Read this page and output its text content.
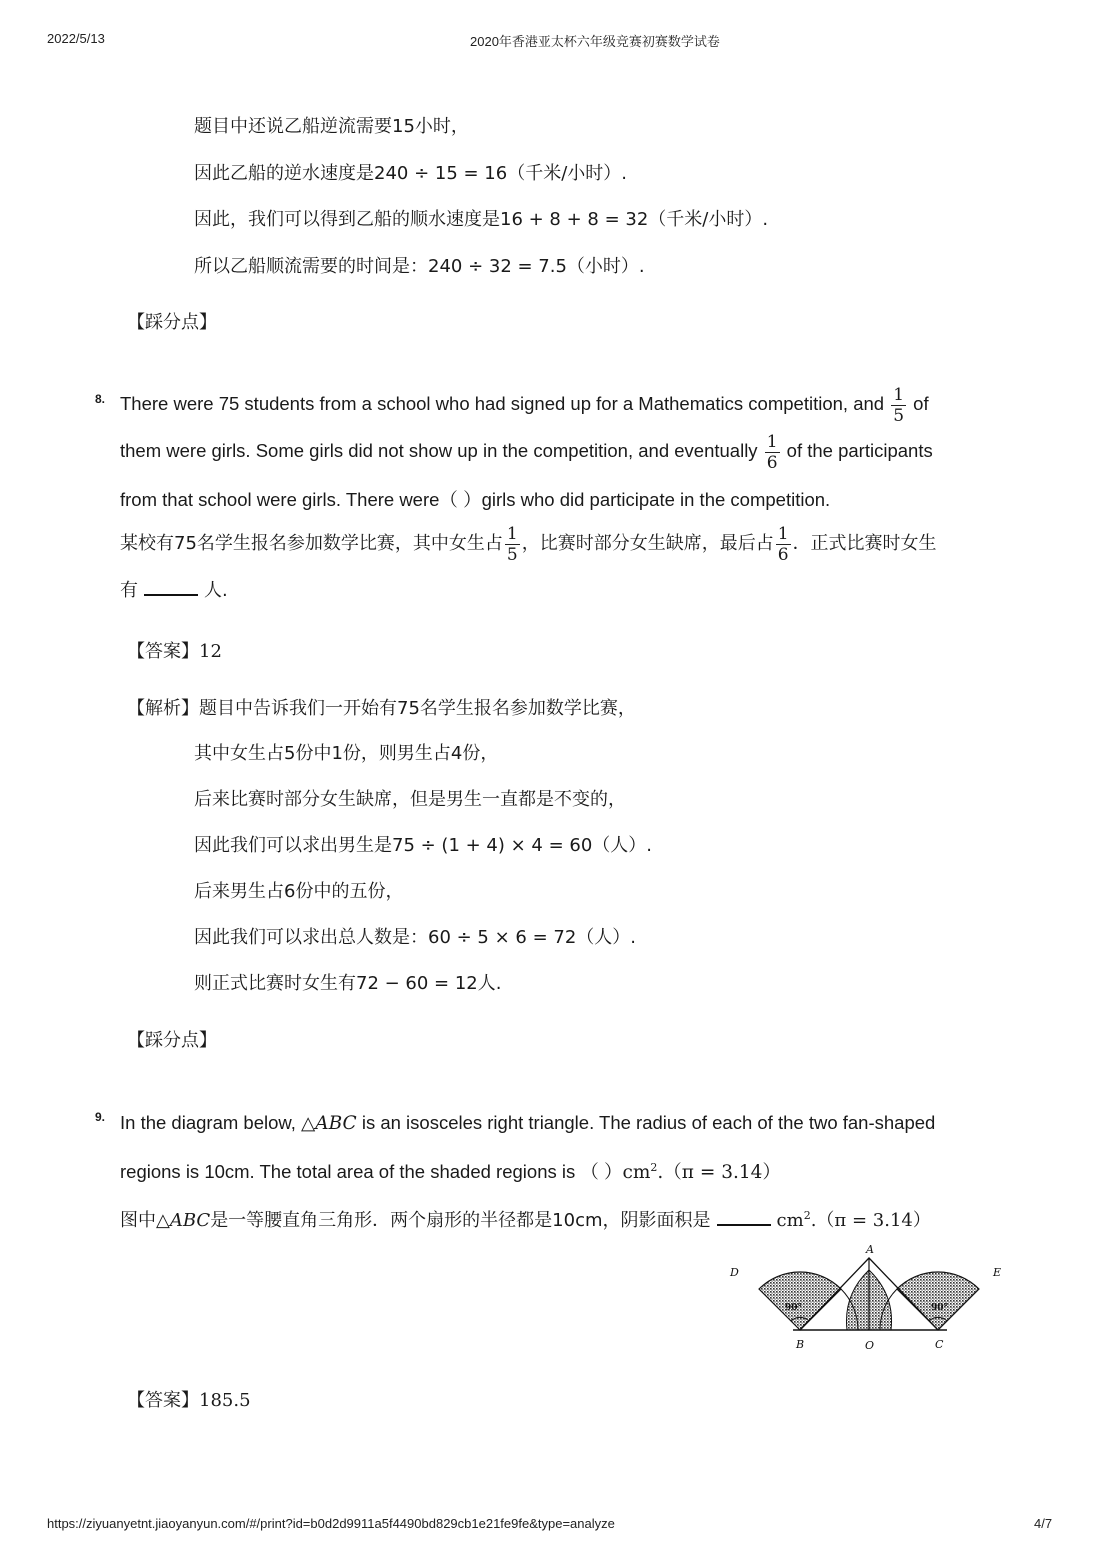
2022/5/13	2020年香港亚太杯六年级竞赛初赛数学试卷
题目中还说乙船逆流需要15小时，
因此乙船的逆水速度是240 ÷ 15 = 16（千米/小时）.
因此，我们可以得到乙船的顺水速度是16 + 8 + 8 = 32（千米/小时）.
所以乙船顺流需要的时间是：240 ÷ 32 = 7.5（小时）.
【踩分点】
8. There were 75 students from a school who had signed up for a Mathematics competition, and $\frac{1}{5}$ of
them were girls. Some girls did not show up in the competition, and eventually $\frac{1}{6}$ of the participants
from that school were girls. There were（ ）girls who did participate in the competition.
某校有75名学生报名参加数学比赛，其中女生占 $\frac{1}{5}$ ，比赛时部分女生缺席，最后占 $\frac{1}{6}$ ．正式比赛时女生
有	人.
【答案】12
【解析】题目中告诉我们一开始有75名学生报名参加数学比赛，
其中女生占5份中1份，则男生占4份，
后来比赛时部分女生缺席，但是男生一直都是不变的，
因此我们可以求出男生是75 ÷ (1 + 4) × 4 = 60（人）.
后来男生占6份中的五份，
因此我们可以求出总人数是：60 ÷ 5 × 6 = 72（人）.
则正式比赛时女生有72 − 60 = 12人.
【踩分点】
9. In the diagram below, △ABC is an isosceles right triangle. The radius of each of the two fan-shaped
regions is 10cm. The total area of the shaded regions is （ ）$cm^2.(\pi = 3.14)$
图中△ABC是一等腰直角三角形．两个扇形的半径都是10cm，阴影面积是	$cm^2.(\pi = 3.14)$
90°	90°
A
D	E
B	O	C
【答案】185.5
https://ziyuanyetnt.jiaoyanyun.com/#/print?id=b0d2d9911a5f4490bd829cb1e21fe9fe&type=analyze	4/7
